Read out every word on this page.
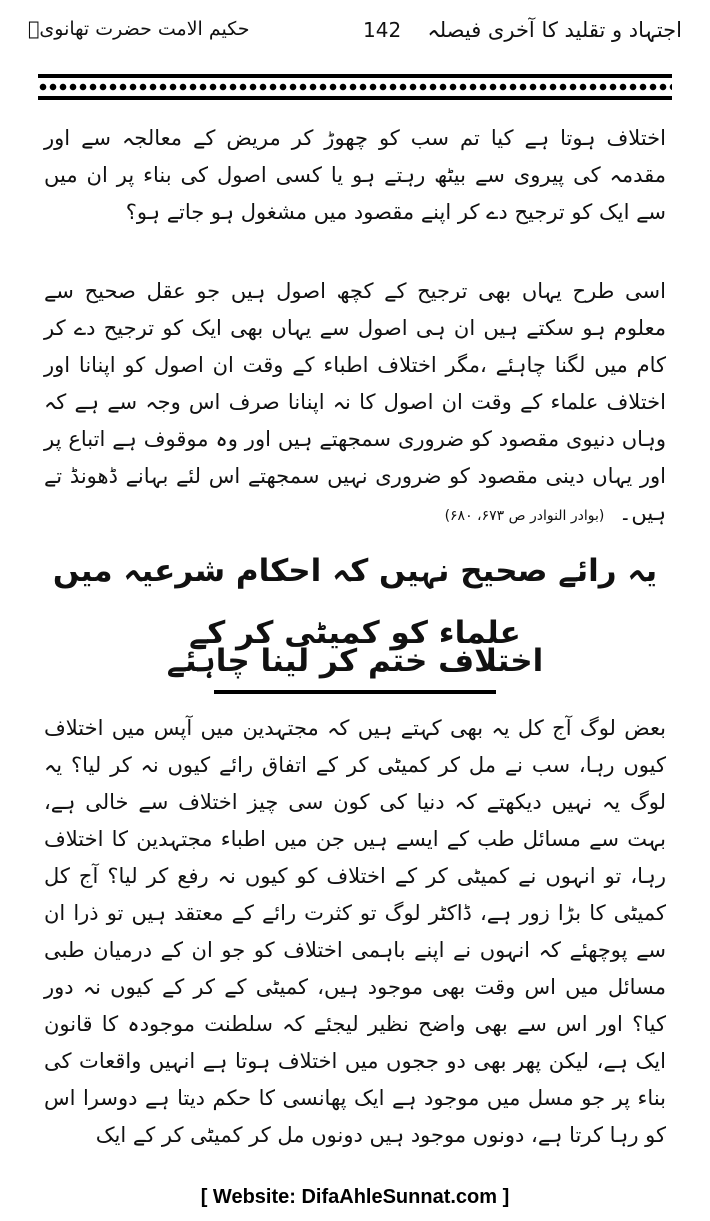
حکیم الامت حضرت تھانویؒ	142 اجتہاد و تقلید کا آخری فیصلہ
اختلاف ہوتا ہے کیا تم سب کو چھوڑ کر مریض کے معالجہ سے اور مقدمہ کی پیروی سے بیٹھ رہتے ہو یا کسی اصول کی بناء پر ان میں سے ایک کو ترجیح دے کر اپنے مقصود میں مشغول ہو جاتے ہو؟
اسی طرح یہاں بھی ترجیح کے کچھ اصول ہیں جو عقل صحیح سے معلوم ہو سکتے ہیں ان ہی اصول سے یہاں بھی ایک کو ترجیح دے کر کام میں لگنا چاہئے ،مگر اختلاف اطباء کے وقت ان اصول کو اپنانا اور اختلاف علماء کے وقت ان اصول کا نہ اپنانا صرف اس وجہ سے ہے کہ وہاں دنیوی مقصود کو ضروری سمجھتے ہیں اور وہ موقوف ہے اتباع پر اور یہاں دینی مقصود کو ضروری نہیں سمجھتے اس لئے بہانے ڈھونڈ تے ہیں۔ (بوادر النوادر ص ۶۷۳، ۶۸۰)
یہ رائے صحیح نہیں کہ احکام شرعیہ میں علماء کو کمیٹی کر کے
اختلاف ختم کر لینا چاہئے
بعض لوگ آج کل یہ بھی کہتے ہیں کہ مجتہدین میں آپس میں اختلاف کیوں رہا، سب نے مل کر کمیٹی کر کے اتفاق رائے کیوں نہ کر لیا؟ یہ لوگ یہ نہیں دیکھتے کہ دنیا کی کون سی چیز اختلاف سے خالی ہے، بہت سے مسائل طب کے ایسے ہیں جن میں اطباء مجتہدین کا اختلاف رہا، تو انہوں نے کمیٹی کر کے اختلاف کو کیوں نہ رفع کر لیا؟ آج کل کمیٹی کا بڑا زور ہے، ڈاکٹر لوگ تو کثرت رائے کے معتقد ہیں تو ذرا ان سے پوچھئے کہ انہوں نے اپنے باہمی اختلاف کو جو ان کے درمیان طبی مسائل میں اس وقت بھی موجود ہیں، کمیٹی کے کر کے کیوں نہ دور کیا؟ اور اس سے بھی واضح نظیر لیجئے کہ سلطنت موجودہ کا قانون ایک ہے، لیکن پھر بھی دو ججوں میں اختلاف ہوتا ہے انہیں واقعات کی بناء پر جو مسل میں موجود ہے ایک پھانسی کا حکم دیتا ہے دوسرا اس کو رہا کرتا ہے، دونوں موجود ہیں دونوں مل کر کمیٹی کر کے ایک
[ Website: DifaAhleSunnat.com ]
